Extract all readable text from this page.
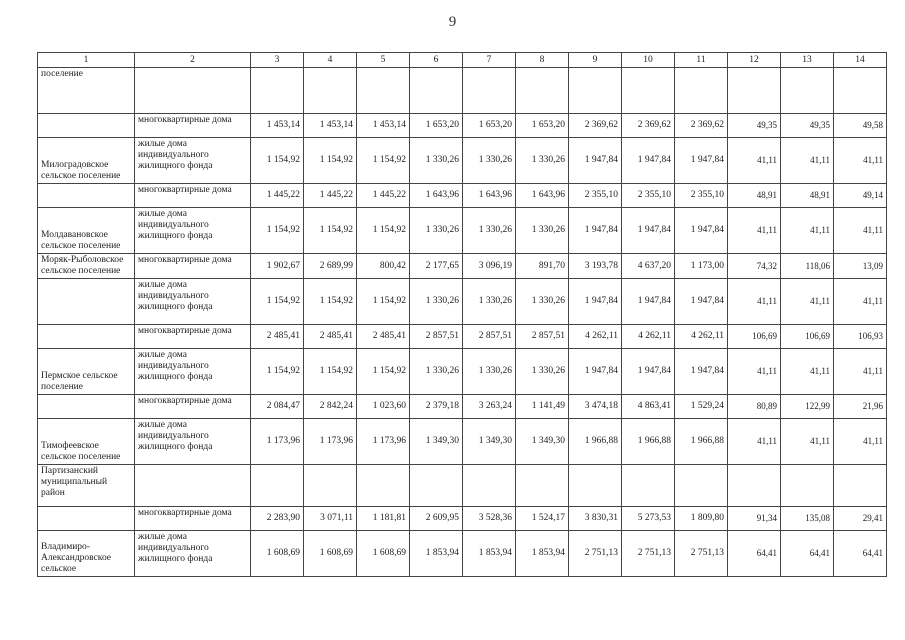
9
1	2	3	4	5	6	7	8	9	10	11	12	13	14
поселение													
	многоквартирные дома	1 453,14	1 453,14	1 453,14	1 653,20	1 653,20	1 653,20	2 369,62	2 369,62	2 369,62	49,35	49,35	49,58
Милоградовское сельское поселение	жилые дома индивидуального жилищного фонда	1 154,92	1 154,92	1 154,92	1 330,26	1 330,26	1 330,26	1 947,84	1 947,84	1 947,84	41,11	41,11	41,11
	многоквартирные дома	1 445,22	1 445,22	1 445,22	1 643,96	1 643,96	1 643,96	2 355,10	2 355,10	2 355,10	48,91	48,91	49,14
Молдавановское сельское поселение	жилые дома индивидуального жилищного фонда	1 154,92	1 154,92	1 154,92	1 330,26	1 330,26	1 330,26	1 947,84	1 947,84	1 947,84	41,11	41,11	41,11
Моряк-Рыболовское сельское поселение	многоквартирные дома	1 902,67	2 689,99	800,42	2 177,65	3 096,19	891,70	3 193,78	4 637,20	1 173,00	74,32	118,06	13,09
	жилые дома индивидуального жилищного фонда	1 154,92	1 154,92	1 154,92	1 330,26	1 330,26	1 330,26	1 947,84	1 947,84	1 947,84	41,11	41,11	41,11
	многоквартирные дома	2 485,41	2 485,41	2 485,41	2 857,51	2 857,51	2 857,51	4 262,11	4 262,11	4 262,11	106,69	106,69	106,93
Пермское сельское поселение	жилые дома индивидуального жилищного фонда	1 154,92	1 154,92	1 154,92	1 330,26	1 330,26	1 330,26	1 947,84	1 947,84	1 947,84	41,11	41,11	41,11
	многоквартирные дома	2 084,47	2 842,24	1 023,60	2 379,18	3 263,24	1 141,49	3 474,18	4 863,41	1 529,24	80,89	122,99	21,96
Тимофеевское сельское поселение	жилые дома индивидуального жилищного фонда	1 173,96	1 173,96	1 173,96	1 349,30	1 349,30	1 349,30	1 966,88	1 966,88	1 966,88	41,11	41,11	41,11
Партизанский муниципальный район													
	многоквартирные дома	2 283,90	3 071,11	1 181,81	2 609,95	3 528,36	1 524,17	3 830,31	5 273,53	1 809,80	91,34	135,08	29,41
Владимиро-Александровское сельское	жилые дома индивидуального жилищного фонда	1 608,69	1 608,69	1 608,69	1 853,94	1 853,94	1 853,94	2 751,13	2 751,13	2 751,13	64,41	64,41	64,41
